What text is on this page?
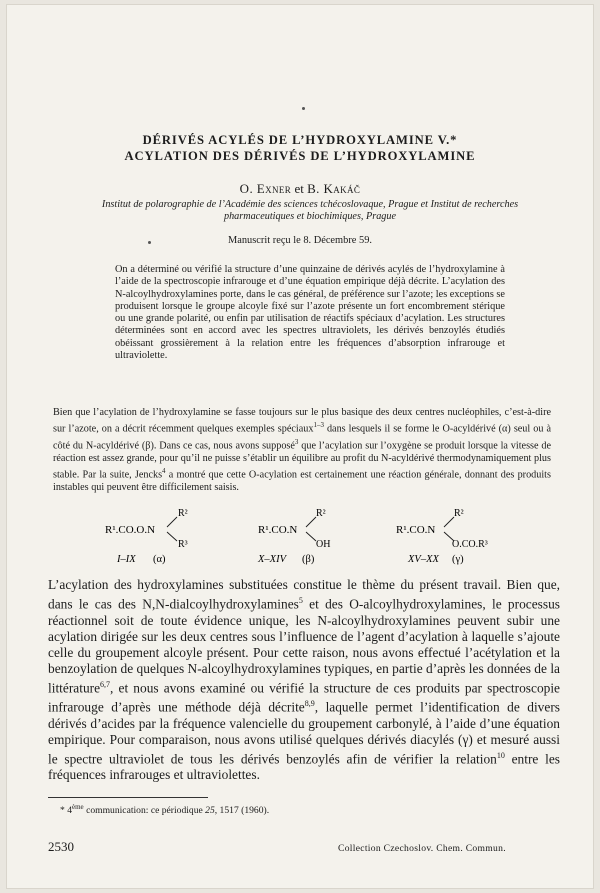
DÉRIVÉS ACYLÉS DE L’HYDROXYLAMINE V.*
ACYLATION DES DÉRIVÉS DE L’HYDROXYLAMINE
O. Exner et B. Kakáč
Institut de polarographie de l’Académie des sciences tchécoslovaque, Prague et Institut de recherches pharmaceutiques et biochimiques, Prague
Manuscrit reçu le 8. Décembre 59.
On a déterminé ou vérifié la structure d’une quinzaine de dérivés acylés de l’hydroxylamine à l’aide de la spectroscopie infrarouge et d’une équation empirique déjà décrite. L’acylation des N-alcoylhydroxylamines porte, dans le cas général, de préférence sur l’azote; les exceptions se produisent lorsque le groupe alcoyle fixé sur l’azote présente un fort encombrement stérique ou une grande polarité, ou enfin par utilisation de réactifs spéciaux d’acylation. Les structures déterminées sont en accord avec les spectres ultraviolets, les dérivés benzoylés étudiés obéissant grossièrement à la relation entre les fréquences d’absorption infrarouge et ultraviolette.
Bien que l’acylation de l’hydroxylamine se fasse toujours sur le plus basique des deux centres nucléophiles, c’est-à-dire sur l’azote, on a décrit récemment quelques exemples spéciaux$^{1-3}$ dans lesquels il se forme le O-acyldérivé (α) seul ou à côté du N-acyldérivé (β). Dans ce cas, nous avons supposé$^3$ que l’acylation sur l’oxygène se produit lorsque la vitesse de réaction est assez grande, pour qu’il ne puisse s’établir un équilibre au profit du N-acyldérivé thermodynamiquement plus stable. Par la suite, Jencks$^4$ a montré que cette O-acylation est certainement une réaction générale, donnant des produits instables qui peuvent être difficilement saisis.
R¹.CO.O.N
R²
R³
I–IX (α)
R¹.CO.N
R²
OH
X–XIV (β)
R¹.CO.N
R²
O.CO.R³
XV–XX (γ)
L’acylation des hydroxylamines substituées constitue le thème du présent travail. Bien que, dans le cas des N,N-dialcoylhydroxylamines$^5$ et des O-alcoylhydroxylamines, le processus réactionnel soit de toute évidence unique, les N-alcoylhydroxylamines peuvent subir une acylation dirigée sur les deux centres sous l’influence de l’agent d’acylation à laquelle s’ajoute celle du groupement alcoyle présent. Pour cette raison, nous avons effectué l’acétylation et la benzoylation de quelques N-alcoylhydroxylamines typiques, en partie d’après les données de la littérature$^{6,7}$, et nous avons examiné ou vérifié la structure de ces produits par spectroscopie infrarouge d’après une méthode déjà décrite$^{8,9}$, laquelle permet l’identification de divers dérivés d’acides par la fréquence valencielle du groupement carbonylé, à l’aide d’une équation empirique. Pour comparaison, nous avons utilisé quelques dérivés diacylés (γ) et mesuré aussi le spectre ultraviolet de tous les dérivés benzoylés afin de vérifier la relation$^{10}$ entre les fréquences infrarouges et ultraviolettes.
* 4ème communication: ce périodique 25, 1517 (1960).
2530	Collection Czechoslov. Chem. Commun.
